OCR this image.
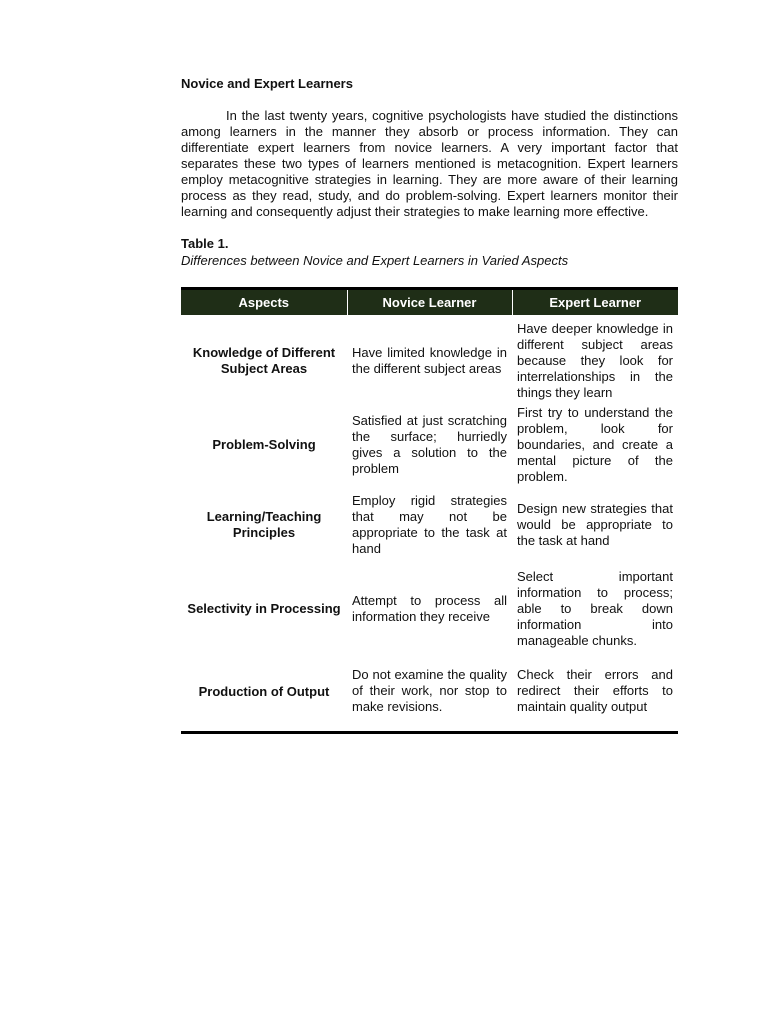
Novice and Expert Learners

In the last twenty years, cognitive psychologists have studied the distinctions among learners in the manner they absorb or process information. They can differentiate expert learners from novice learners. A very important factor that separates these two types of learners mentioned is metacognition. Expert learners employ metacognitive strategies in learning. They are more aware of their learning process as they read, study, and do problem-solving. Expert learners monitor their learning and consequently adjust their strategies to make learning more effective.

Table 1.
Differences between Novice and Expert Learners in Varied Aspects
Aspects	Novice Learner	Expert Learner
Knowledge of Different Subject Areas	Have limited knowledge in the different subject areas	Have deeper knowledge in different subject areas because they look for interrelationships in the things they learn
Problem-Solving	Satisfied at just scratching the surface; hurriedly gives a solution to the problem	First try to understand the problem, look for boundaries, and create a mental picture of the problem.
Learning/Teaching Principles	Employ rigid strategies that may not be appropriate to the task at hand	Design new strategies that would be appropriate to the task at hand
Selectivity in Processing	Attempt to process all information they receive	Select important information to process; able to break down information into manageable chunks.
Production of Output	Do not examine the quality of their work, nor stop to make revisions.	Check their errors and redirect their efforts to maintain quality output
